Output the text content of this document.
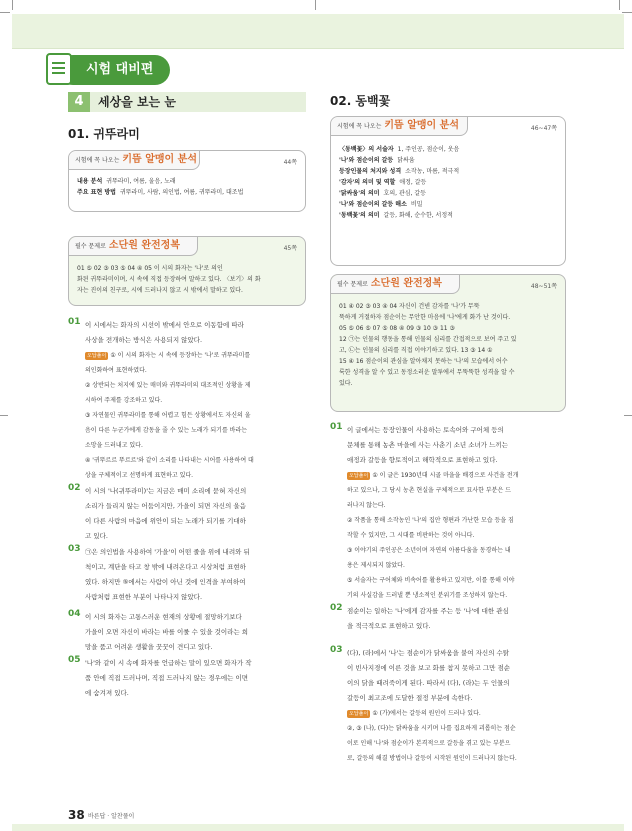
시험 대비편
4	세상을 보는 눈
01. 귀뚜라미
시험에 꼭 나오는 키뜸 알맹이 분석	44쪽
내용 분석 귀뚜라미, 여름, 울음, 노래
주요 표현 방법 귀뚜라미, 사람, 의인법, 여름, 귀뚜라미, 대조법
필수 문제로 소단원 완전정복	45쪽
01 ⑤ 02 ③ 03 ⑤ 04 ④ 05 이 시의 화자는 '나'로 의인
화된 귀뚜라미이며, 시 속에 직접 등장하여 말하고 있다. 〈보기〉의 화
자는 진이의 친구로, 시에 드러나지 않고 시 밖에서 말하고 있다.
01 이 시에서는 화자의 시선이 밖에서 안으로 이동함에 따라
사상을 전개하는 방식은 사용되지 않았다.
오답풀이 ① 이 시의 화자는 시 속에 등장하는 '나'로 귀뚜라미를
의인화하여 표현하였다.
② 상반되는 처지에 있는 매미와 귀뚜라미의 대조적인 상황을 제
시하여 주제를 강조하고 있다.
③ 자연물인 귀뚜라미를 통해 어렵고 힘든 상황에서도 자신의 울
음이 다른 누군가에게 감동을 줄 수 있는 노래가 되기를 바라는
소망을 드러내고 있다.
④ '귀뚜르르 뚜르르'와 같이 소리를 나타내는 시어를 사용하여 대
상을 구체적이고 선명하게 표현하고 있다.
02 이 시의 '나(귀뚜라미)'는 지금은 매미 소리에 묻혀 자신의
소리가 들리지 않는 어둠이지만, 가을이 되면 자신의 울음
이 다른 사람의 마음에 위안이 되는 노래가 되기를 기대하
고 있다.
03 ㉠은 의인법을 사용하여 '가을'이 어떤 줄을 위에 내려와 뒤
척이고, 계단을 타고 창 밖에 내려온다고 시상처럼 표현하
였다. 하지만 ⑤에서는 사람이 아닌 것에 인격을 부여하여
사람처럼 표현한 부분이 나타나지 않았다.
04 이 시의 화자는 고통스러운 현재의 상황에 절망하기보다
가을이 오면 자신이 바라는 바를 이룰 수 있을 것이라는 희
망을 품고 어려운 생활을 꿋꿋이 견디고 있다.
05 '나'와 같이 시 속에 화자를 언급하는 말이 있으면 화자가 작
품 안에 직접 드러나며, 직접 드러나지 않는 경우에는 이면
에 숨겨져 있다.
02. 동백꽃
시험에 꼭 나오는 키뜸 알맹이 분석	46~47쪽
〈동백꽃〉의 서술자 1, 주인공, 점순이, 웃음
'나'와 점순이의 갈등 닭싸움
등장인물의 처지와 성격 소작농, 마름, 적극적
'감자'의 의미 및 역할 애정, 갈등
'닭싸움'의 의미 호의, 관심, 갈등
'나'와 점순이의 갈등 해소 비밀
'동백꽃'의 의미 갈등, 화해, 순수한, 서정적
필수 문제로 소단원 완전정복	48~51쪽
01 ④ 02 ③ 03 ④ 04 자신이 건넨 감자를 '나'가 무뚝
뚝하게 거절하자 점순이는 무안한 마음에 '나'에게 화가 난 것이다.
05 ⑤ 06 ⑤ 07 ⑤ 08 ④ 09 ③ 10 ③ 11 ③
12 ㉠는 인물의 행동을 통해 인물의 심리를 간접적으로 보여 주고 있
고, ㉡는 인물의 심리를 직접 이야기하고 있다. 13 ③ 14 ①
15 ④ 16 점순이의 관심을 알아채지 못하는 '나'의 모습에서 어수
룩한 성격을 알 수 있고 동정소러운 말투에서 무뚝뚝한 성격을 알 수
있다.
01 이 글에서는 등장인물이 사용하는 토속어와 구어체 등의
문체를 통해 농촌 마을에 사는 사춘기 소년 소녀가 느끼는
애정과 갈등을 향토적이고 해학적으로 표현하고 있다.
오답풀이 ① 이 글은 1930년대 시골 마을을 배경으로 사건을 전개
하고 있으나, 그 당시 농촌 현실을 구체적으로 묘사한 부분은 드
러나지 않는다.
② 작품을 통해 소작농인 '나'의 집안 형편과 가난한 모습 등을 짐
작할 수 있지만, 그 시대를 비판하는 것이 아니다.
③ 이야기의 주인공은 소년이며 자연의 아름다움을 동경하는 내
용은 제시되지 않았다.
⑤ 서술자는 구어체와 비속어를 활용하고 있지만, 이를 통해 이야
기의 사실감을 드러낼 뿐 냉소적인 분위기를 조성하지 않는다.
02 점순이는 일하는 '나'에게 감자를 주는 등 '나'에 대한 관심
을 적극적으로 표현하고 있다.
03 (다), (라)에서 '나'는 점순이가 닭싸움을 붙여 자신의 수탉
이 빈사지경에 이른 것을 보고 화를 참지 못하고 그만 점순
이의 닭을 때려죽이게 된다. 따라서 (다), (라)는 두 인물의
갈등이 최고조에 도달한 절정 부분에 속한다.
오답풀이 ① (가)에서는 갈등의 원인이 드러나 있다.
②, ③ (나), (다)는 닭싸움을 시키며 나를 집요하게 괴롭히는 점순
이로 인해 '나'와 점순이가 본격적으로 갈등을 겪고 있는 부분으
로, 갈등의 해결 방법이나 갈등이 시작된 원인이 드러나지 않는다.
38 바른답 · 알찬풀이
